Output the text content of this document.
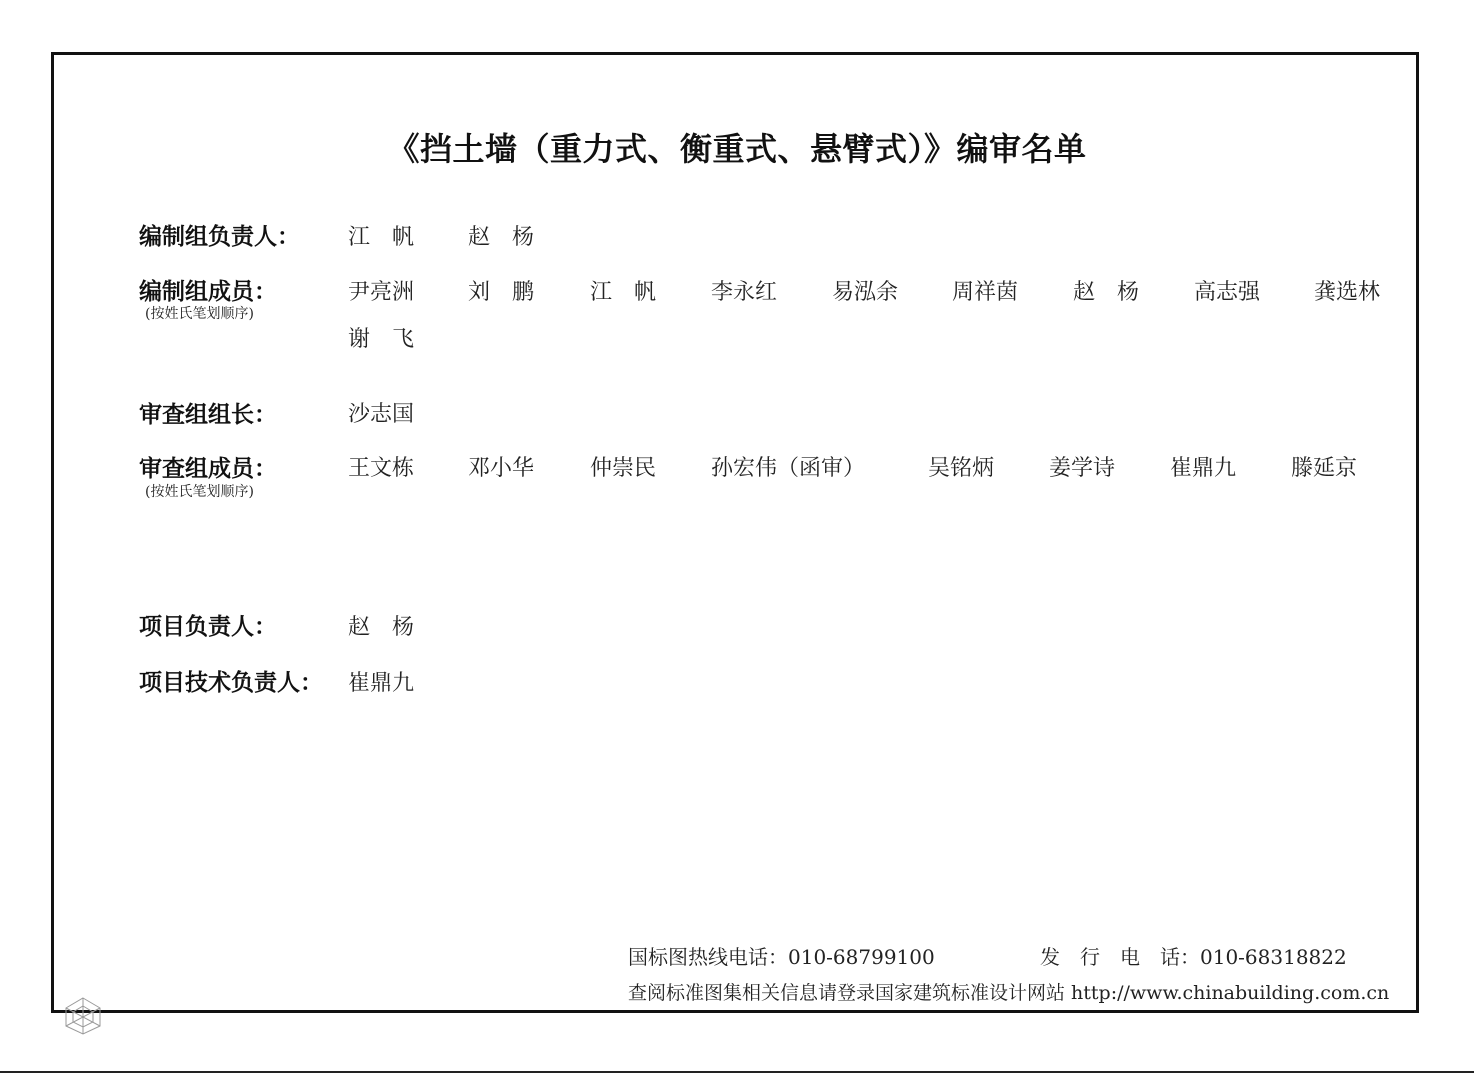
《挡土墙（重力式、衡重式、悬臂式）》编审名单
编制组负责人： 江　帆 赵　杨
编制组成员：
(按姓氏笔划顺序)
尹亮洲 刘　鹏	江　帆 李永红 易泓余 周祥茵 赵　杨 高志强 龚选林
谢　飞
审查组组长：	沙志国
审查组成员：
(按姓氏笔划顺序)
王文栋 邓小华	仲崇民 孙宏伟（函审）	吴铭炳 姜学诗 崔鼎九 滕延京
项目负责人：	赵　杨
项目技术负责人： 崔鼎九
国标图热线电话：010-68799100	发　行　电　话：010-68318822
查阅标准图集相关信息请登录国家建筑标准设计网站 http://www.chinabuilding.com.cn
